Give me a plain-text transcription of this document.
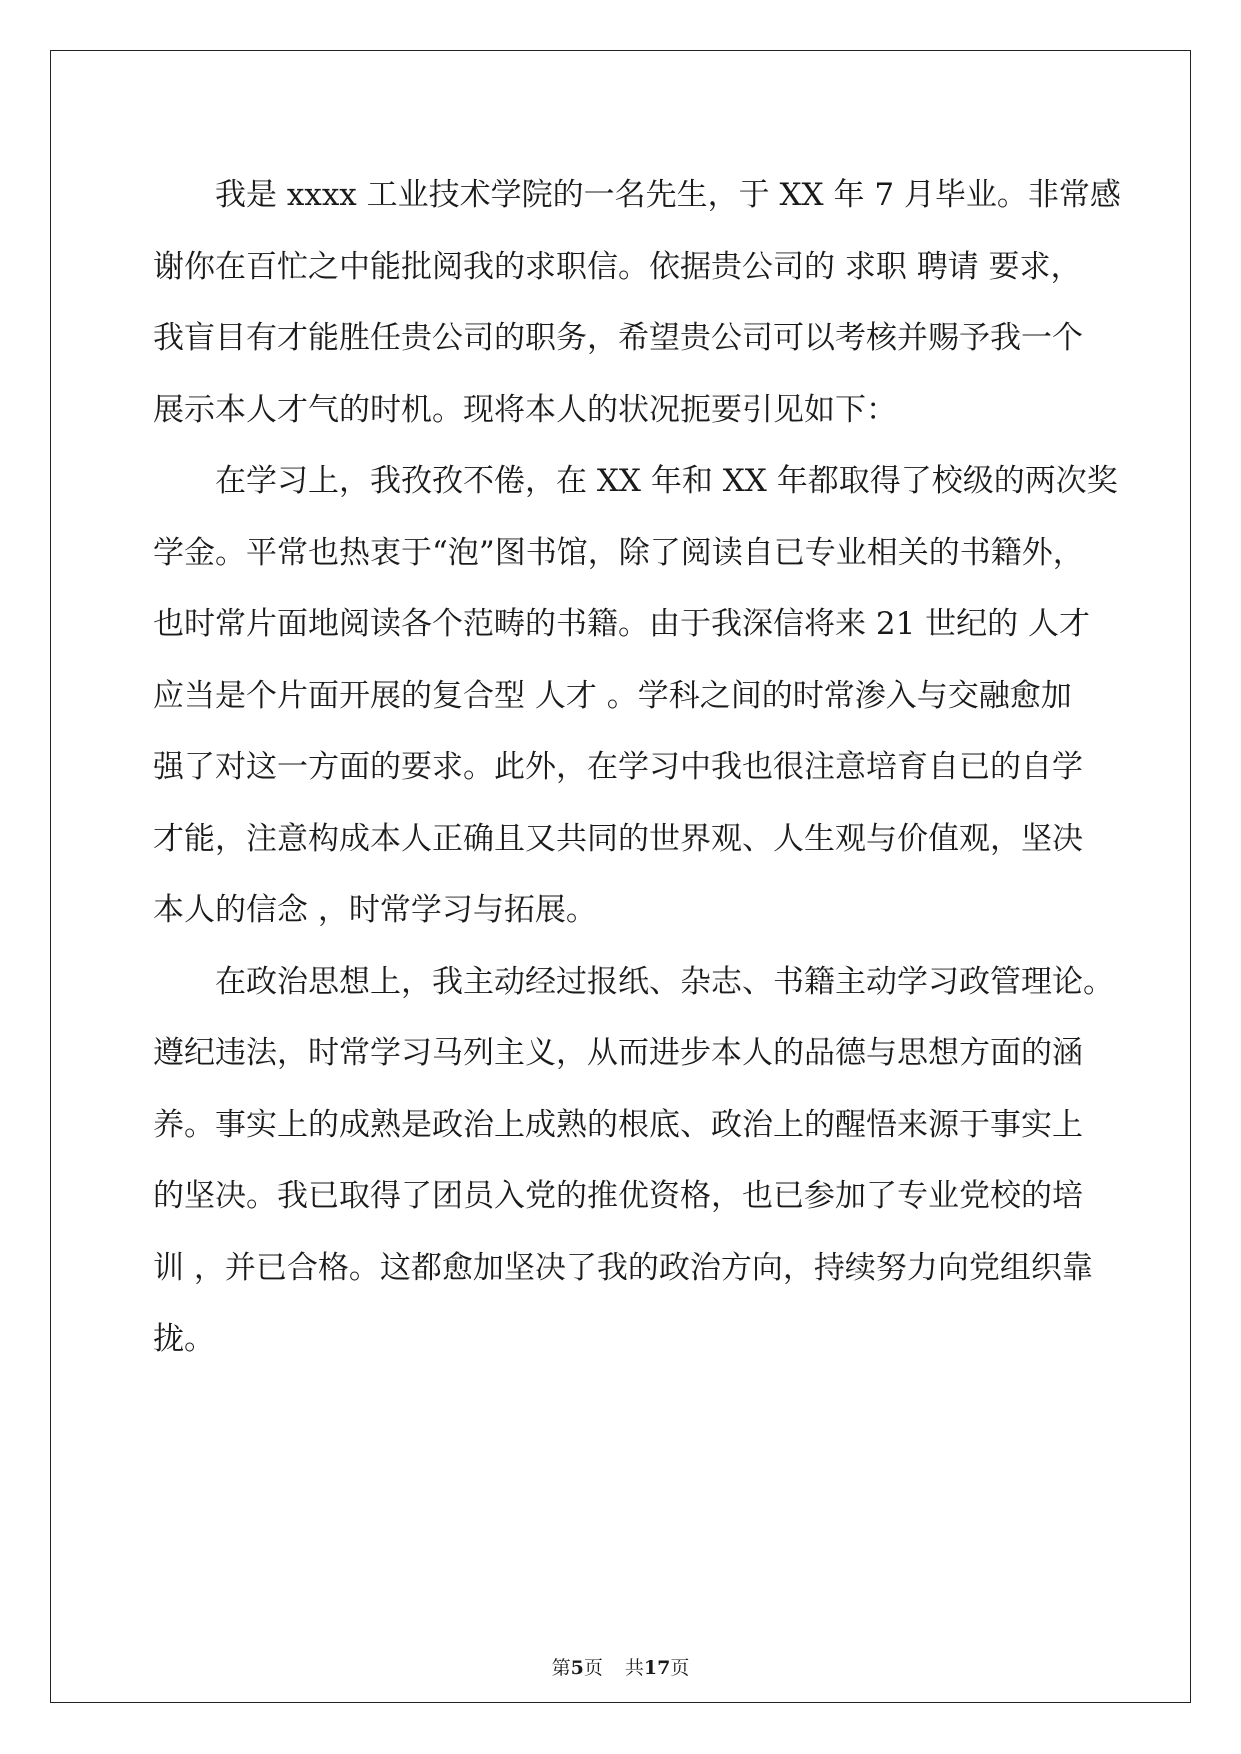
我是 xxxx 工业技术学院的一名先生，于 XX 年 7 月毕业。非常感
谢你在百忙之中能批阅我的求职信。依据贵公司的 求职 聘请 要求，
我盲目有才能胜任贵公司的职务，希望贵公司可以考核并赐予我一个
展示本人才气的时机。现将本人的状况扼要引见如下：
在学习上，我孜孜不倦，在 XX 年和 XX 年都取得了校级的两次奖
学金。平常也热衷于“泡”图书馆，除了阅读自已专业相关的书籍外，
也时常片面地阅读各个范畴的书籍。由于我深信将来 21 世纪的 人才
应当是个片面开展的复合型 人才 。学科之间的时常渗入与交融愈加
强了对这一方面的要求。此外，在学习中我也很注意培育自已的自学
才能，注意构成本人正确且又共同的世界观、人生观与价值观，坚决
本人的信念 ，时常学习与拓展。
在政治思想上，我主动经过报纸、杂志、书籍主动学习政管理论。
遵纪违法，时常学习马列主义，从而进步本人的品德与思想方面的涵
养。事实上的成熟是政治上成熟的根底、政治上的醒悟来源于事实上
的坚决。我已取得了团员入党的推优资格，也已参加了专业党校的培
训 ，并已合格。这都愈加坚决了我的政治方向，持续努力向党组织靠
拢。
第5页 共17页
